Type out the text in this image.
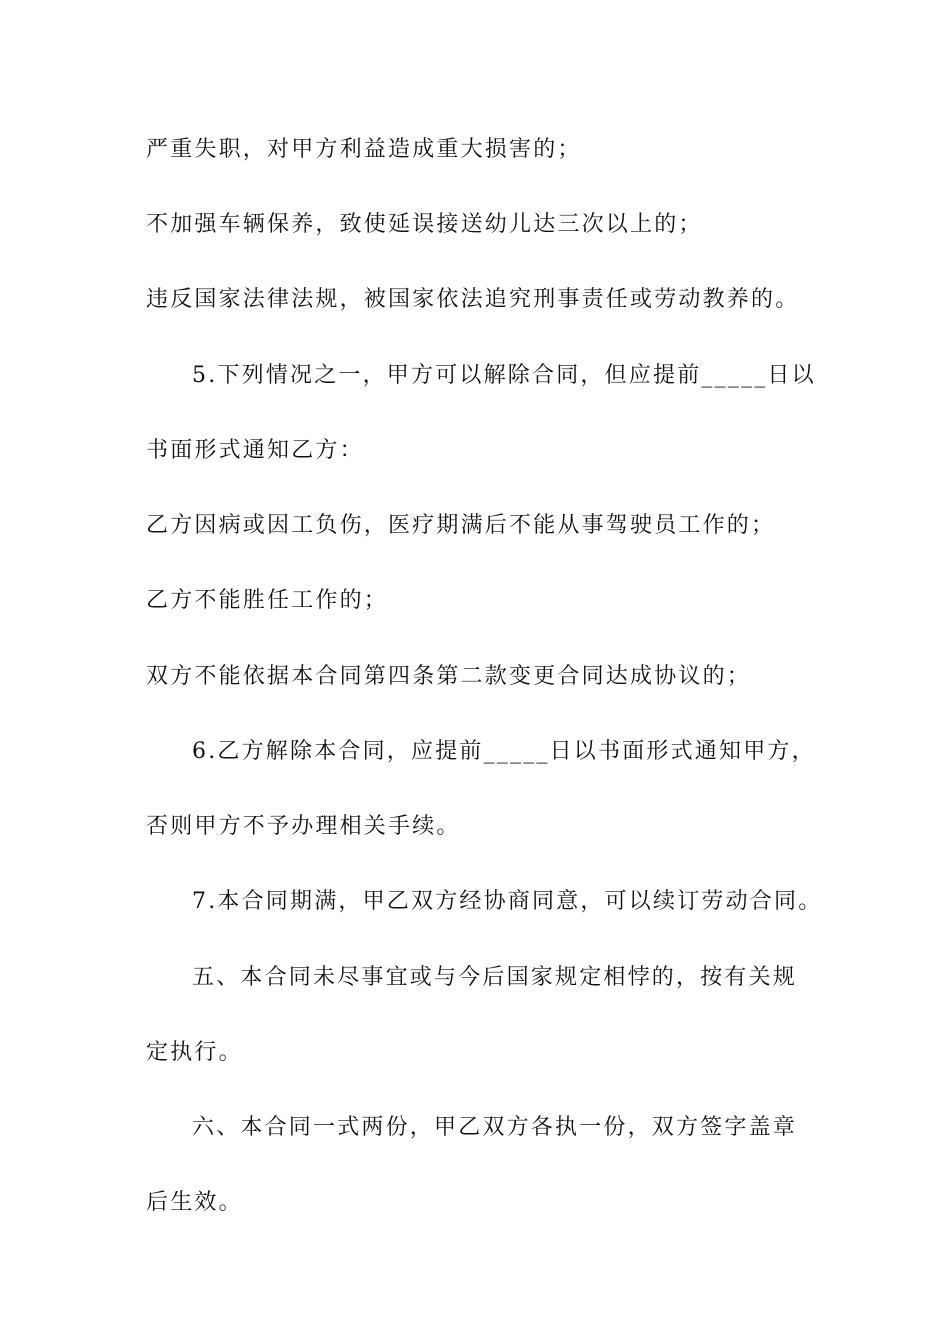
严重失职，对甲方利益造成重大损害的；
不加强车辆保养，致使延误接送幼儿达三次以上的；
违反国家法律法规，被国家依法追究刑事责任或劳动教养的。
5.下列情况之一，甲方可以解除合同，但应提前_____日以
书面形式通知乙方：
乙方因病或因工负伤，医疗期满后不能从事驾驶员工作的；
乙方不能胜任工作的；
双方不能依据本合同第四条第二款变更合同达成协议的；
6.乙方解除本合同，应提前_____日以书面形式通知甲方，
否则甲方不予办理相关手续。
7.本合同期满，甲乙双方经协商同意，可以续订劳动合同。
五、本合同未尽事宜或与今后国家规定相悖的，按有关规
定执行。
六、本合同一式两份，甲乙双方各执一份，双方签字盖章
后生效。
